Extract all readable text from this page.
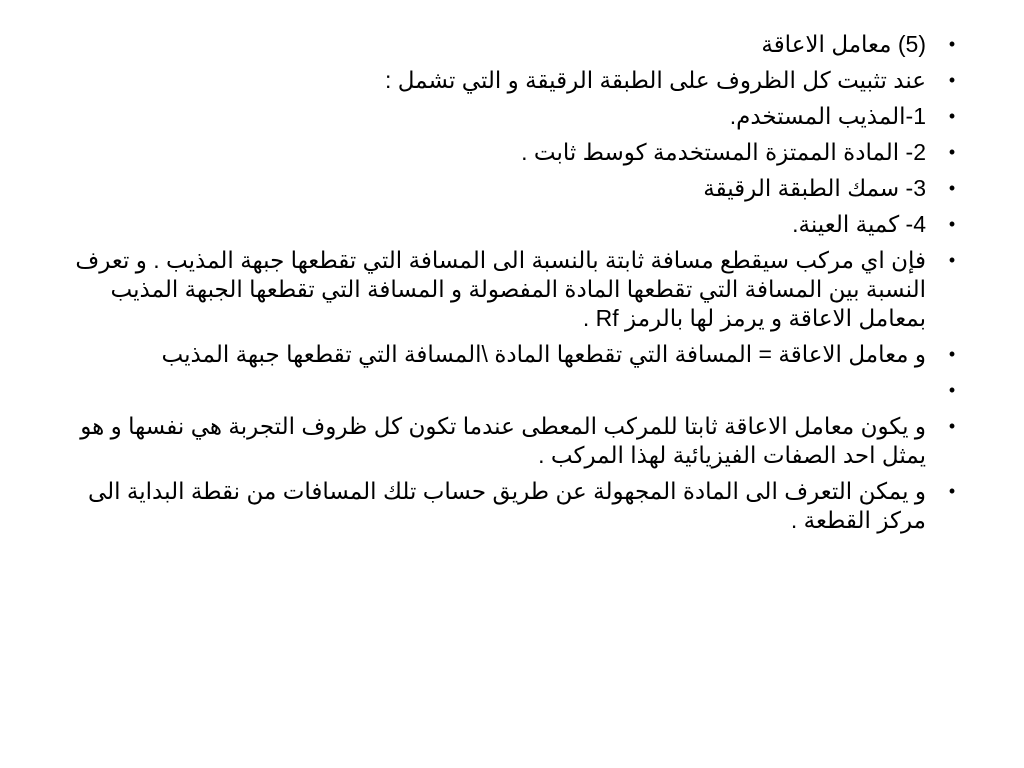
•
(5) معامل الاعاقة
•
عند تثبيت كل الظروف على الطبقة الرقيقة و التي تشمل :
•
1-المذيب المستخدم.
•
2- المادة الممتزة المستخدمة كوسط ثابت .
•
3- سمك الطبقة الرقيقة
•
4- كمية العينة.
•
فإن اي مركب سيقطع مسافة ثابتة بالنسبة الى المسافة التي تقطعها جبهة المذيب . و تعرف النسبة بين المسافة التي تقطعها المادة المفصولة و المسافة التي تقطعها الجبهة المذيب بمعامل الاعاقة و يرمز لها بالرمز Rf .
•
و معامل الاعاقة = المسافة التي تقطعها المادة \المسافة التي تقطعها جبهة المذيب
•
•
و يكون معامل الاعاقة ثابتا للمركب المعطى عندما تكون كل ظروف التجربة هي نفسها و هو يمثل احد الصفات الفيزيائية لهذا المركب .
•
و يمكن التعرف الى المادة المجهولة عن طريق حساب تلك المسافات من نقطة البداية الى مركز القطعة .
